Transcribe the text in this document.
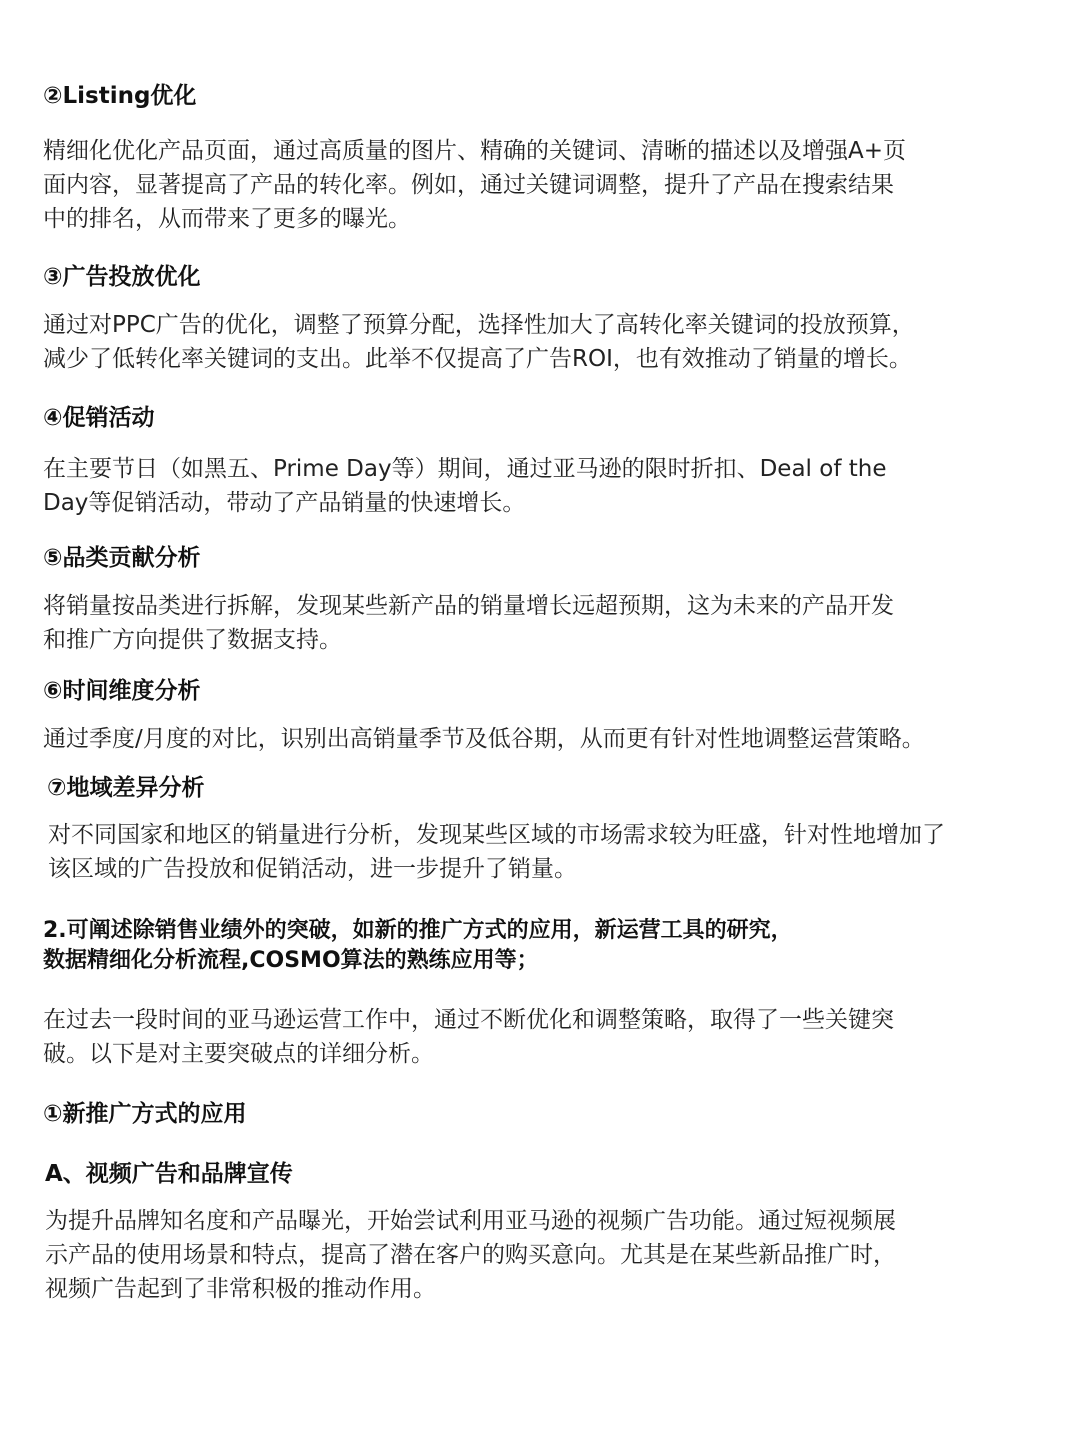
②Listing优化
精细化优化产品页面，通过高质量的图片、精确的关键词、清晰的描述以及增强A+页
面内容，显著提高了产品的转化率。例如，通过关键词调整，提升了产品在搜索结果
中的排名，从而带来了更多的曝光。
③广告投放优化
通过对PPC广告的优化，调整了预算分配，选择性加大了高转化率关键词的投放预算，
减少了低转化率关键词的支出。此举不仅提高了广告ROI，也有效推动了销量的增长。
④促销活动
在主要节日（如黑五、Prime Day等）期间，通过亚马逊的限时折扣、Deal of the
Day等促销活动，带动了产品销量的快速增长。
⑤品类贡献分析
将销量按品类进行拆解，发现某些新产品的销量增长远超预期，这为未来的产品开发
和推广方向提供了数据支持。
⑥时间维度分析
通过季度/月度的对比，识别出高销量季节及低谷期，从而更有针对性地调整运营策略。
⑦地域差异分析
对不同国家和地区的销量进行分析，发现某些区域的市场需求较为旺盛，针对性地增加了
该区域的广告投放和促销活动，进一步提升了销量。
2.可阐述除销售业绩外的突破，如新的推广方式的应用，新运营工具的研究，
数据精细化分析流程,COSMO算法的熟练应用等；
在过去一段时间的亚马逊运营工作中，通过不断优化和调整策略，取得了一些关键突
破。以下是对主要突破点的详细分析。
①新推广方式的应用
A、视频广告和品牌宣传
为提升品牌知名度和产品曝光，开始尝试利用亚马逊的视频广告功能。通过短视频展
示产品的使用场景和特点，提高了潜在客户的购买意向。尤其是在某些新品推广时，
视频广告起到了非常积极的推动作用。
